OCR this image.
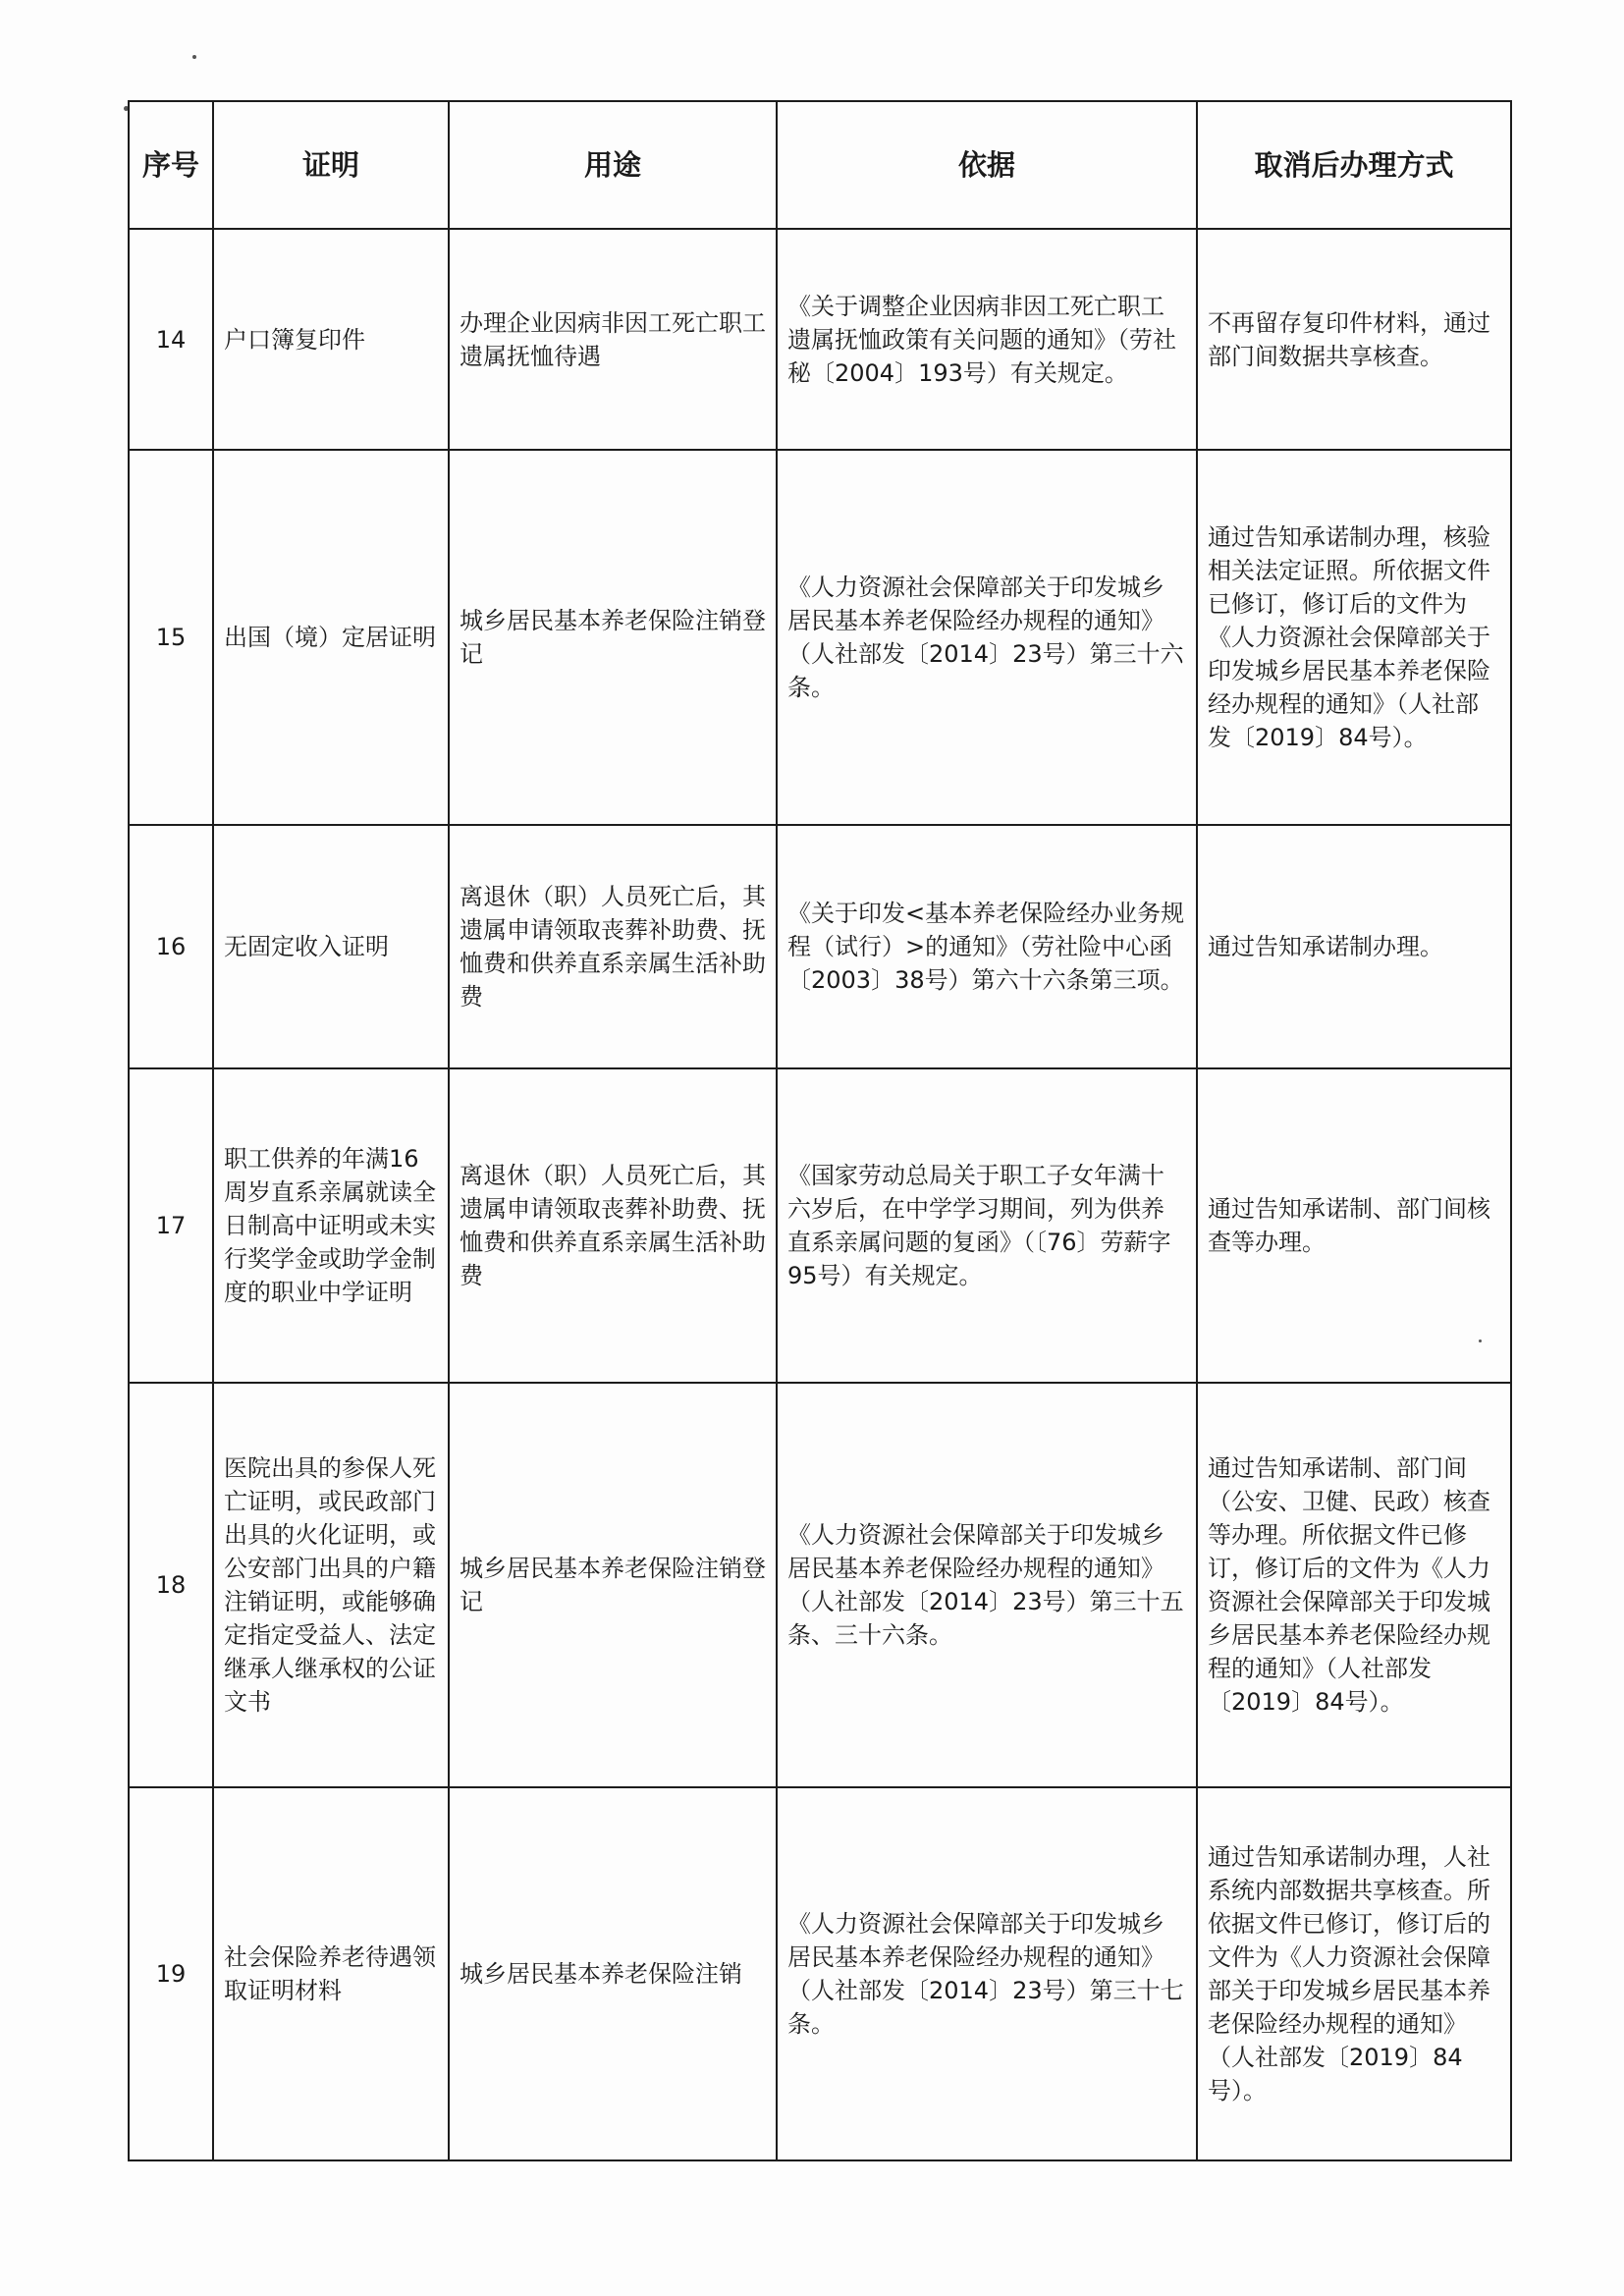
序号	证明	用途	依据	取消后办理方式
14	户口簿复印件	办理企业因病非因工死亡职工遗属抚恤待遇	《关于调整企业因病非因工死亡职工遗属抚恤政策有关问题的通知》（劳社秘〔2004〕193号）有关规定。	不再留存复印件材料，通过部门间数据共享核查。
15	出国（境）定居证明	城乡居民基本养老保险注销登记	《人力资源社会保障部关于印发城乡居民基本养老保险经办规程的通知》（人社部发〔2014〕23号）第三十六条。	通过告知承诺制办理，核验相关法定证照。所依据文件已修订，修订后的文件为《人力资源社会保障部关于印发城乡居民基本养老保险经办规程的通知》（人社部发〔2019〕84号）。
16	无固定收入证明	离退休（职）人员死亡后，其遗属申请领取丧葬补助费、抚恤费和供养直系亲属生活补助费	《关于印发<基本养老保险经办业务规程（试行）>的通知》（劳社险中心函〔2003〕38号）第六十六条第三项。	通过告知承诺制办理。
17	职工供养的年满16周岁直系亲属就读全日制高中证明或未实行奖学金或助学金制度的职业中学证明	离退休（职）人员死亡后，其遗属申请领取丧葬补助费、抚恤费和供养直系亲属生活补助费	《国家劳动总局关于职工子女年满十六岁后，在中学学习期间，列为供养直系亲属问题的复函》（〔76〕劳薪字95号）有关规定。	通过告知承诺制、部门间核查等办理。
18	医院出具的参保人死亡证明，或民政部门出具的火化证明，或公安部门出具的户籍注销证明，或能够确定指定受益人、法定继承人继承权的公证文书	城乡居民基本养老保险注销登记	《人力资源社会保障部关于印发城乡居民基本养老保险经办规程的通知》（人社部发〔2014〕23号）第三十五条、三十六条。	通过告知承诺制、部门间（公安、卫健、民政）核查等办理。所依据文件已修订，修订后的文件为《人力资源社会保障部关于印发城乡居民基本养老保险经办规程的通知》（人社部发〔2019〕84号）。
19	社会保险养老待遇领取证明材料	城乡居民基本养老保险注销	《人力资源社会保障部关于印发城乡居民基本养老保险经办规程的通知》（人社部发〔2014〕23号）第三十七条。	通过告知承诺制办理，人社系统内部数据共享核查。所依据文件已修订，修订后的文件为《人力资源社会保障部关于印发城乡居民基本养老保险经办规程的通知》（人社部发〔2019〕84号）。
